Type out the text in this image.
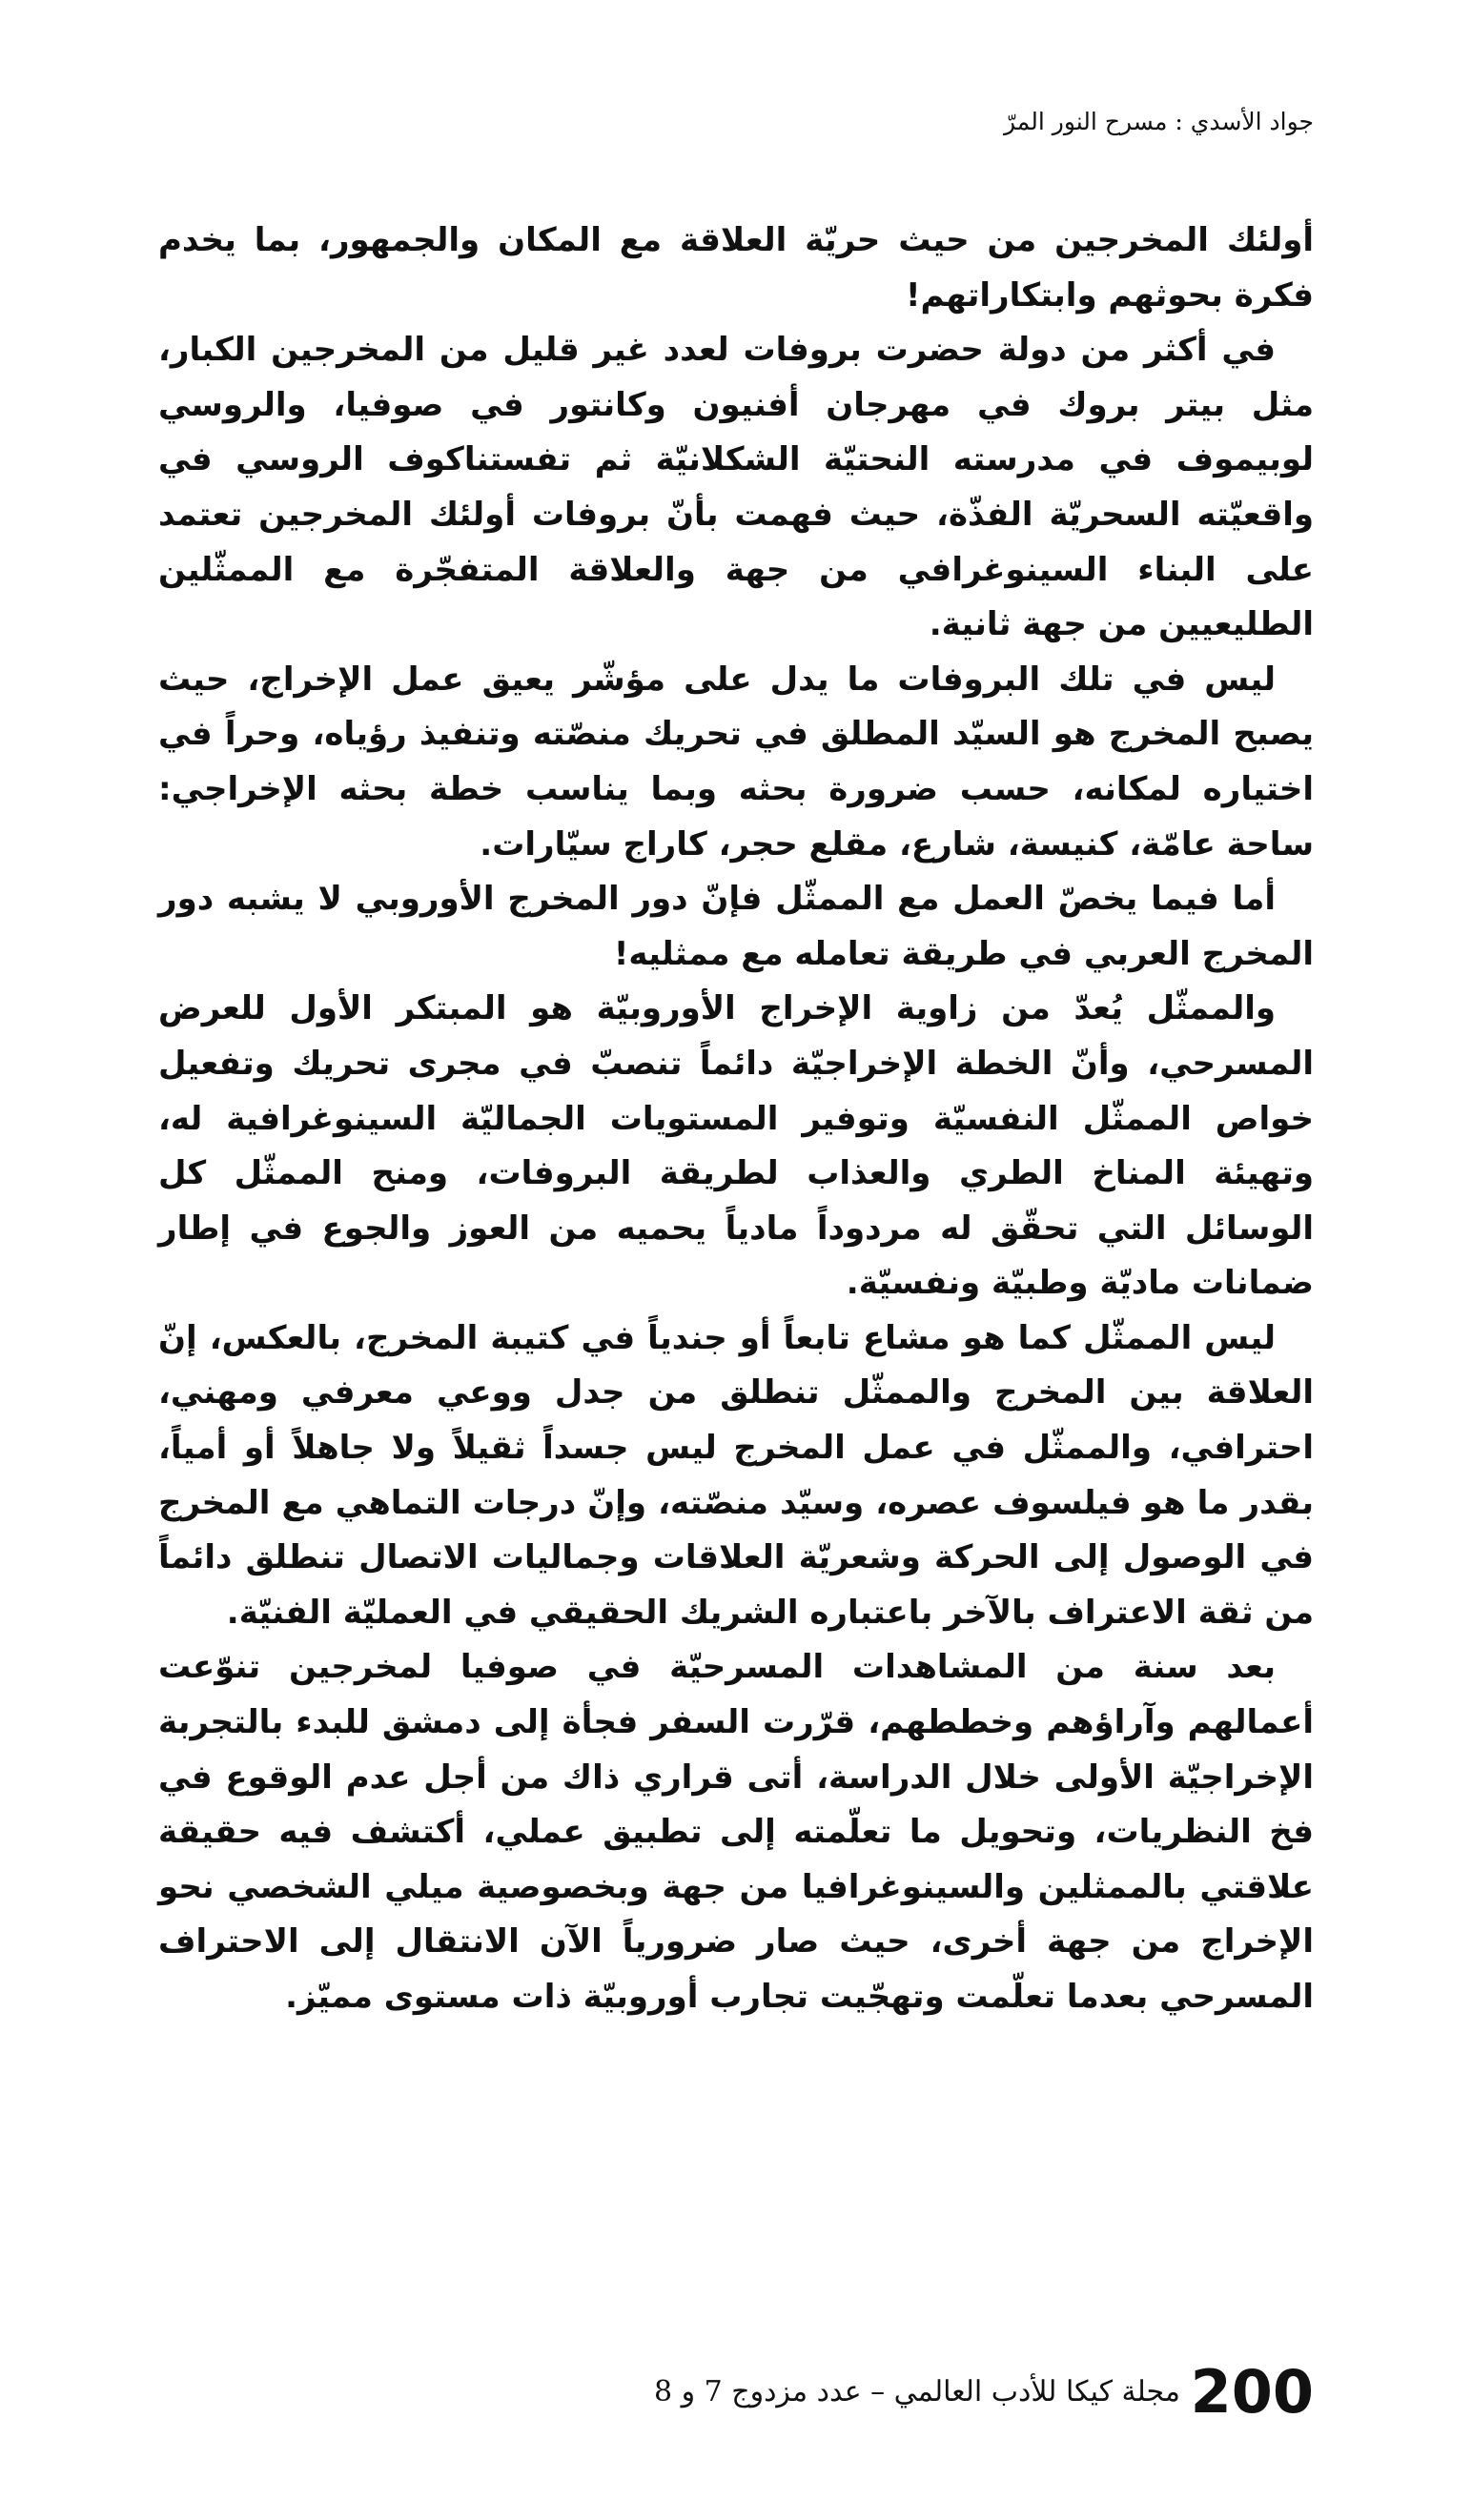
جواد الأسدي : مسرح النور المرّ

أولئك المخرجين من حيث حريّة العلاقة مع المكان والجمهور، بما يخدم فكرة بحوثهم وابتكاراتهم!

في أكثر من دولة حضرت بروفات لعدد غير قليل من المخرجين الكبار، مثل بيتر بروك في مهرجان أفنيون وكانتور في صوفيا، والروسي لوبيموف في مدرسته النحتيّة الشكلانيّة ثم تفستناكوف الروسي في واقعيّته السحريّة الفذّة، حيث فهمت بأنّ بروفات أولئك المخرجين تعتمد على البناء السينوغرافي من جهة والعلاقة المتفجّرة مع الممثّلين الطليعيين من جهة ثانية.

ليس في تلك البروفات ما يدل على مؤشّر يعيق عمل الإخراج، حيث يصبح المخرج هو السيّد المطلق في تحريك منصّته وتنفيذ رؤياه، وحراً في اختياره لمكانه، حسب ضرورة بحثه وبما يناسب خطة بحثه الإخراجي: ساحة عامّة، كنيسة، شارع، مقلع حجر، كاراج سيّارات.

أما فيما يخصّ العمل مع الممثّل فإنّ دور المخرج الأوروبي لا يشبه دور المخرج العربي في طريقة تعامله مع ممثليه!

والممثّل يُعدّ من زاوية الإخراج الأوروبيّة هو المبتكر الأول للعرض المسرحي، وأنّ الخطة الإخراجيّة دائماً تنصبّ في مجرى تحريك وتفعيل خواص الممثّل النفسيّة وتوفير المستويات الجماليّة السينوغرافية له، وتهيئة المناخ الطري والعذاب لطريقة البروفات، ومنح الممثّل كل الوسائل التي تحقّق له مردوداً مادياً يحميه من العوز والجوع في إطار ضمانات ماديّة وطبيّة ونفسيّة.

ليس الممثّل كما هو مشاع تابعاً أو جندياً في كتيبة المخرج، بالعكس، إنّ العلاقة بين المخرج والممثّل تنطلق من جدل ووعي معرفي ومهني، احترافي، والممثّل في عمل المخرج ليس جسداً ثقيلاً ولا جاهلاً أو أمياً، بقدر ما هو فيلسوف عصره، وسيّد منصّته، وإنّ درجات التماهي مع المخرج في الوصول إلى الحركة وشعريّة العلاقات وجماليات الاتصال تنطلق دائماً من ثقة الاعتراف بالآخر باعتباره الشريك الحقيقي في العمليّة الفنيّة.

بعد سنة من المشاهدات المسرحيّة في صوفيا لمخرجين تنوّعت أعمالهم وآراؤهم وخططهم، قرّرت السفر فجأة إلى دمشق للبدء بالتجربة الإخراجيّة الأولى خلال الدراسة، أتى قراري ذاك من أجل عدم الوقوع في فخ النظريات، وتحويل ما تعلّمته إلى تطبيق عملي، أكتشف فيه حقيقة علاقتي بالممثلين والسينوغرافيا من جهة وبخصوصية ميلي الشخصي نحو الإخراج من جهة أخرى، حيث صار ضرورياً الآن الانتقال إلى الاحتراف المسرحي بعدما تعلّمت وتهجّيت تجارب أوروبيّة ذات مستوى مميّز.

200
مجلة كيكا للأدب العالمي – عدد مزدوج 7 و 8
